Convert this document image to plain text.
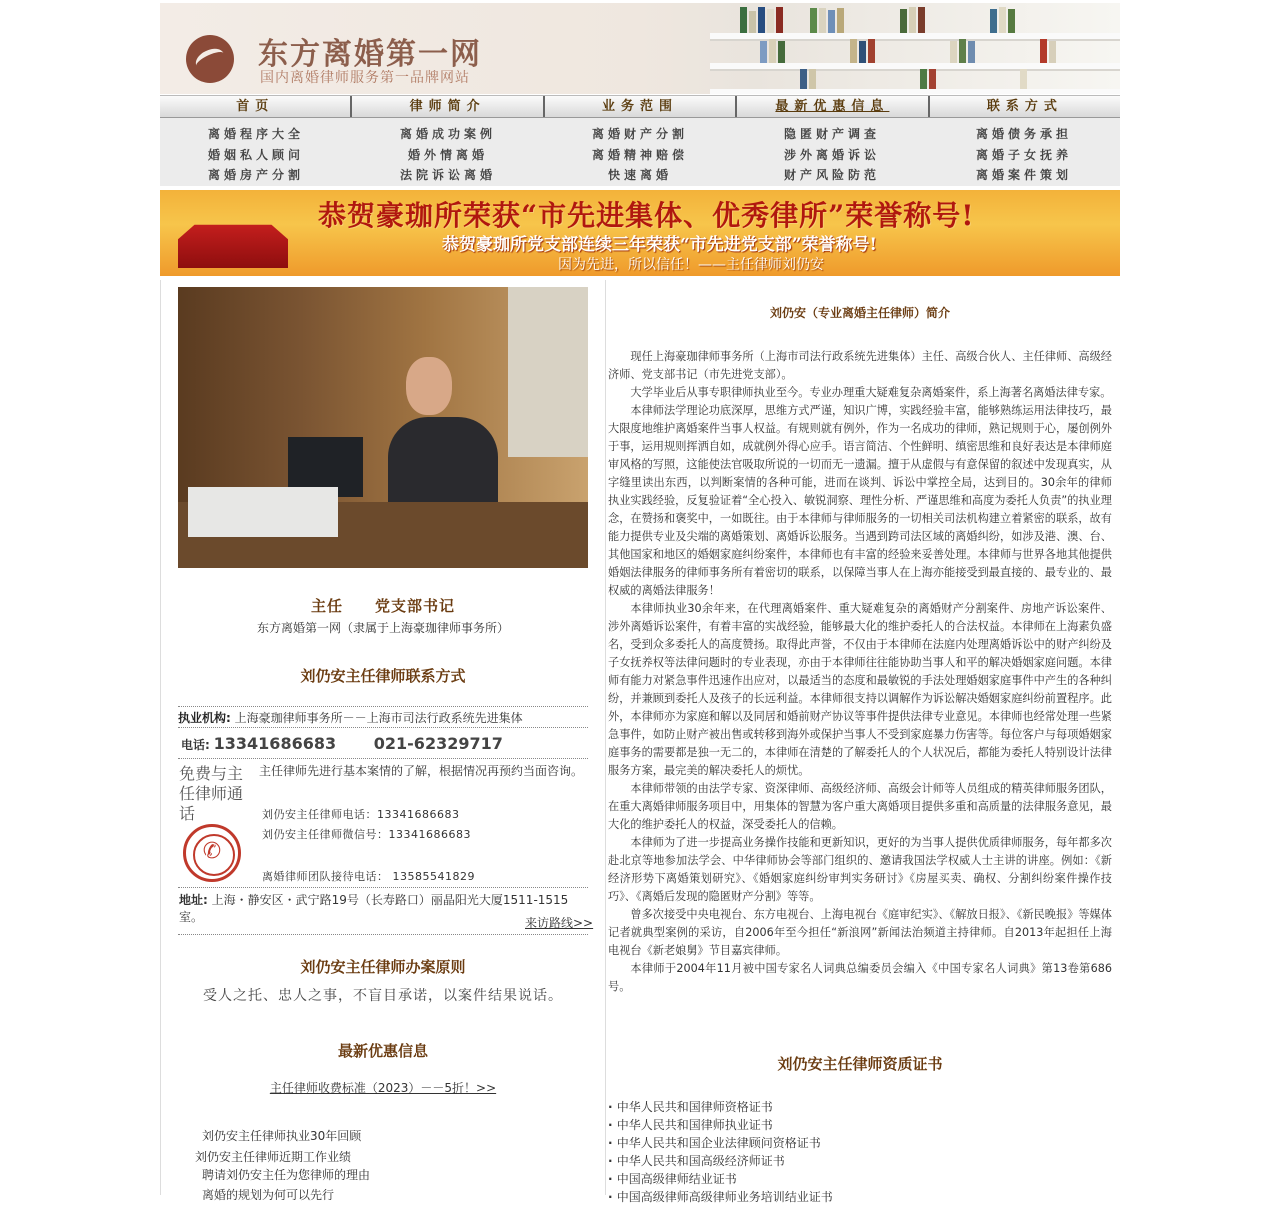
东方离婚第一网
国内离婚律师服务第一品牌网站
首页	律师简介	业务范围	最新优惠信息	联系方式
离婚程序大全	离婚成功案例	离婚财产分割	隐匿财产调查	离婚债务承担
婚姻私人顾问	婚外情离婚	离婚精神赔偿	涉外离婚诉讼	离婚子女抚养
离婚房产分割	法院诉讼离婚	快速离婚	财产风险防范	离婚案件策划
恭贺豪珈所荣获“市先进集体、优秀律所”荣誉称号!
恭贺豪珈所党支部连续三年荣获“市先进党支部”荣誉称号!
因为先进，所以信任！——主任律师刘仍安
主任　　党支部书记
东方离婚第一网（隶属于上海豪珈律师事务所）
刘仍安主任律师联系方式
执业机构: 上海豪珈律师事务所－－上海市司法行政系统先进集体
电话: 13341686683 021-62329717
免费与主任律师通话
主任律师先进行基本案情的了解，根据情况再预约当面咨询。
刘仍安主任律师电话：13341686683
刘仍安主任律师微信号：13341686683
✆
离婚律师团队接待电话： 13585541829
地址: 上海・静安区・武宁路19号（长寿路口）丽晶阳光大厦1511-1515室。	来访路线>>
刘仍安主任律师办案原则
受人之托、忠人之事，不盲目承诺，以案件结果说话。
最新优惠信息
主任律师收费标准（2023）－－5折！>>
刘仍安主任律师执业30年回顾
刘仍安主任律师近期工作业绩
聘请刘仍安主任为您律师的理由
离婚的规划为何可以先行
刘仍安（专业离婚主任律师）简介

现任上海豪珈律师事务所（上海市司法行政系统先进集体）主任、高级合伙人、主任律师、高级经济师、党支部书记（市先进党支部）。

大学毕业后从事专职律师执业至今。专业办理重大疑难复杂离婚案件，系上海著名离婚法律专家。

本律师法学理论功底深厚，思维方式严谨，知识广博，实践经验丰富，能够熟练运用法律技巧，最大限度地维护离婚案件当事人权益。有规则就有例外，作为一名成功的律师，熟记规则于心，屡创例外于事，运用规则挥洒自如，成就例外得心应手。语言简洁、个性鲜明、缜密思维和良好表达是本律师庭审风格的写照，这能使法官吸取所说的一切而无一遗漏。擅于从虚假与有意保留的叙述中发现真实，从字缝里读出东西，以判断案情的各种可能，进而在谈判、诉讼中掌控全局，达到目的。30余年的律师执业实践经验，反复验证着“全心投入、敏锐洞察、理性分析、严谨思维和高度为委托人负责”的执业理念，在赞扬和褒奖中，一如既往。由于本律师与律师服务的一切相关司法机构建立着紧密的联系，故有能力提供专业及尖端的离婚策划、离婚诉讼服务。当遇到跨司法区域的离婚纠纷，如涉及港、澳、台、其他国家和地区的婚姻家庭纠纷案件，本律师也有丰富的经验来妥善处理。本律师与世界各地其他提供婚姻法律服务的律师事务所有着密切的联系，以保障当事人在上海亦能接受到最直接的、最专业的、最权威的离婚法律服务！

本律师执业30余年来，在代理离婚案件、重大疑难复杂的离婚财产分割案件、房地产诉讼案件、涉外离婚诉讼案件，有着丰富的实战经验，能够最大化的维护委托人的合法权益。本律师在上海素负盛名，受到众多委托人的高度赞扬。取得此声誉，不仅由于本律师在法庭内处理离婚诉讼中的财产纠纷及子女抚养权等法律问题时的专业表现，亦由于本律师往往能协助当事人和平的解决婚姻家庭问题。本律师有能力对紧急事件迅速作出应对，以最适当的态度和最敏锐的手法处理婚姻家庭事件中产生的各种纠纷，并兼顾到委托人及孩子的长远利益。本律师很支持以调解作为诉讼解决婚姻家庭纠纷前置程序。此外，本律师亦为家庭和解以及同居和婚前财产协议等事件提供法律专业意见。本律师也经常处理一些紧急事件，如防止财产被出售或转移到海外或保护当事人不受到家庭暴力伤害等。每位客户与每项婚姻家庭事务的需要都是独一无二的，本律师在清楚的了解委托人的个人状况后，都能为委托人特别设计法律服务方案，最完美的解决委托人的烦忧。

本律师带领的由法学专家、资深律师、高级经济师、高级会计师等人员组成的精英律师服务团队，在重大离婚律师服务项目中，用集体的智慧为客户重大离婚项目提供多重和高质量的法律服务意见，最大化的维护委托人的权益，深受委托人的信赖。

本律师为了进一步提高业务操作技能和更新知识，更好的为当事人提供优质律师服务，每年都多次赴北京等地参加法学会、中华律师协会等部门组织的、邀请我国法学权威人士主讲的讲座。例如：《新经济形势下离婚策划研究》、《婚姻家庭纠纷审判实务研讨》《房屋买卖、确权、分割纠纷案件操作技巧》、《离婚后发现的隐匿财产分割》等等。

曾多次接受中央电视台、东方电视台、上海电视台《庭审纪实》、《解放日报》、《新民晚报》等媒体记者就典型案例的采访，自2006年至今担任“新浪网”新闻法治频道主持律师。自2013年起担任上海电视台《新老娘舅》节目嘉宾律师。

本律师于2004年11月被中国专家名人词典总编委员会编入《中国专家名人词典》第13卷第686号。

刘仍安主任律师资质证书
· 中华人民共和国律师资格证书
· 中华人民共和国律师执业证书
· 中华人民共和国企业法律顾问资格证书
· 中华人民共和国高级经济师证书
· 中国高级律师结业证书
· 中国高级律师高级律师业务培训结业证书
